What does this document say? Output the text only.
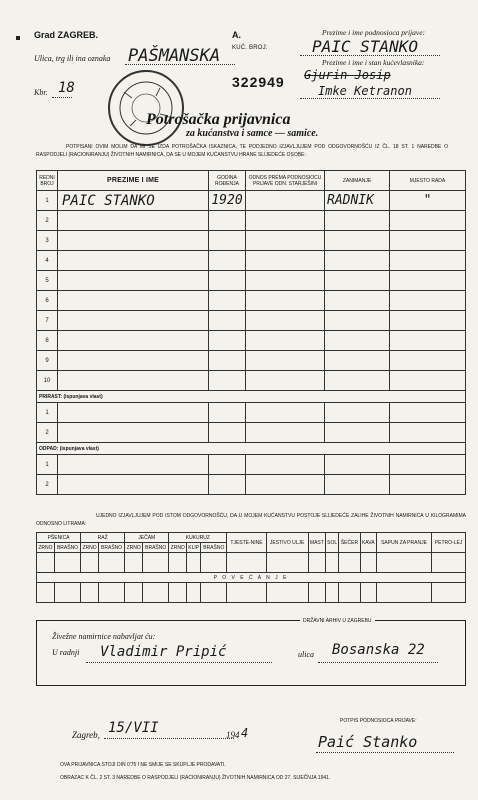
Grad ZAGREB.	A.
Ulica, trg ili ina oznaka PAŠMANSKA KUĆ. BROJ:
Kbr. 18	322949
Prezime i ime podnosioca prijave:
PAIC STANKO
Prezime i ime i stan kućevlasnika:
Gjurin Josip
Imke Ketranon
Potrošačka prijavnica
za kućanstva i samce — samice.
POTPISANI OVIM MOLIM DA MI SE IZDA POTROŠAČKA ISKAZNICA, TE PODJEDNO IZJAVLJUJEM POD ODGOVORNOŠĆU IZ ČL. 18 ST. 1 NAREDBE O RASPODJELI (RACIONIRANJU) ŽIVOTNIH NAMIRNICA, DA SE U MOJEM KUĆANSTVU HRANE SLIJEDEĆE OSOBE:
REDNI BROJ	PREZIME I IME	GODINA ROĐENJA	ODNOS PREMA PODNOSIOCU PRIJAVE ODN. STARJEŠINI	ZANIMANJE	MJESTO RADA
1	PAIC STANKO	1920		RADNIK	"
2					
3					
4					
5					
6					
7					
8					
9					
10					
PRIRAST: (ispunjava vlast)					
1					
2					
ODPAD: (ispunjava vlast)					
1					
2					
UJEDNO IZJAVLJUJEM POD ISTOM ODGOVORNOŠĆU, DA U MOJEM KUĆANSTVU POSTOJE SLIJEDEĆE ZALIHE ŽIVOTNIH NAMIRNICA U KILOGRAMIMA ODNOSNO LITRAMA:
PŠENICA		RAŽ		JEČAM		KUKURUZ			TJESTE-NINE	JESTIVO ULJE	MAST	SOL	ŠEĆER	KAVA	SAPUN ZA PRANJE	PETRO-LEJ
ZRNO	BRAŠNO	ZRNO	BRAŠNO	ZRNO	BRAŠNO	ZRNO	KLIP	BRAŠNO								

P O V E Ć A N J E																

DRŽAVNI ARHIV U ZAGREBU
Živežne namirnice nabavljat ću:
U radnji Vladimir Pripić	ulica Bosanska 22
Zagreb, 15/VII	194 4
POTPIS PODNOSIOCA PRIJAVE:
Paić Stanko
OVA PRIJAVNICA STOJI DIN 0'75 I NE SMIJE SE SKUPLJE PRODAVATI.
OBRAZAC K ČL. 2 ST. 3 NAREDBE O RASPODJELI (RACIONIRANJU) ŽIVOTNIH NAMIRNICA OD 27. SIJEČNJA 1941.
